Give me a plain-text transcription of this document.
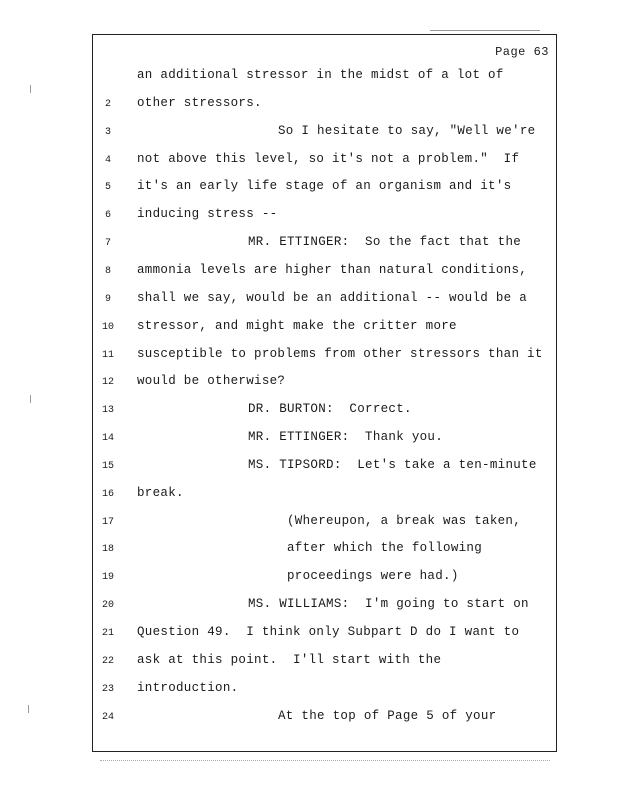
Page 63
an additional stressor in the midst of a lot of
2	other stressors.
3	So I hesitate to say, "Well we're
4	not above this level, so it's not a problem."  If
5	it's an early life stage of an organism and it's
6	inducing stress --
7	MR. ETTINGER:  So the fact that the
8	ammonia levels are higher than natural conditions,
9	shall we say, would be an additional -- would be a
10 stressor, and might make the critter more
11 susceptible to problems from other stressors than it
12 would be otherwise?
13	DR. BURTON:  Correct.
14	MR. ETTINGER:  Thank you.
15	MS. TIPSORD:  Let's take a ten-minute
16 break.
17	(Whereupon, a break was taken,
18	after which the following
19	proceedings were had.)
20	MS. WILLIAMS:  I'm going to start on
21 Question 49.  I think only Subpart D do I want to
22 ask at this point.  I'll start with the
23 introduction.
24	At the top of Page 5 of your
